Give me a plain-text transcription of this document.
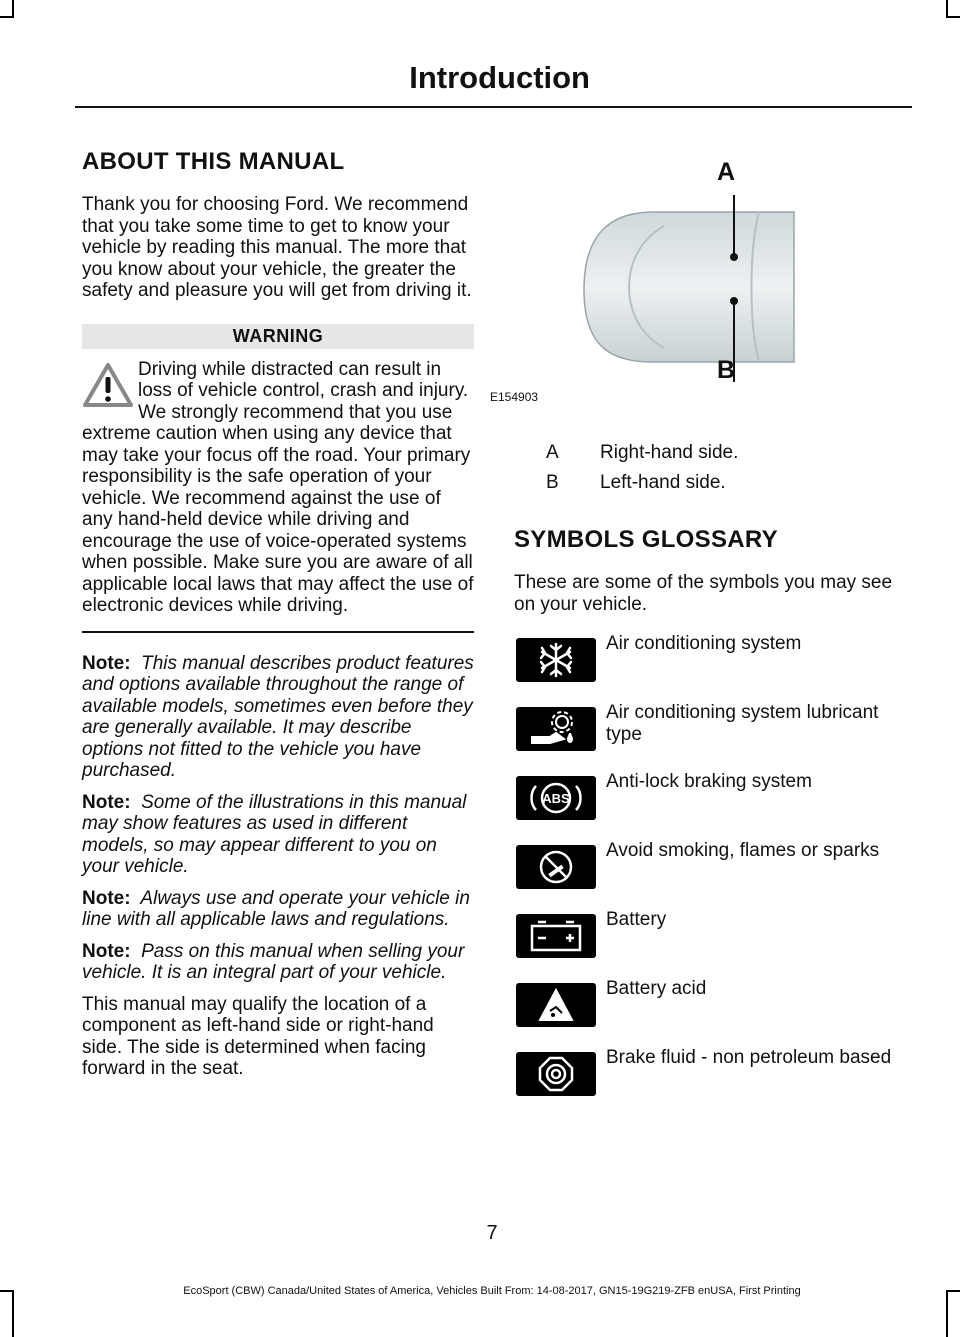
Introduction
ABOUT THIS MANUAL

Thank you for choosing Ford. We recommend that you take some time to get to know your vehicle by reading this manual. The more that you know about your vehicle, the greater the safety and pleasure you will get from driving it.

WARNING
Driving while distracted can result in loss of vehicle control, crash and injury. We strongly recommend that you use extreme caution when using any device that may take your focus off the road. Your primary responsibility is the safe operation of your vehicle. We recommend against the use of any hand-held device while driving and encourage the use of voice-operated systems when possible. Make sure you are aware of all applicable local laws that may affect the use of electronic devices while driving.

Note: This manual describes product features and options available throughout the range of available models, sometimes even before they are generally available. It may describe options not fitted to the vehicle you have purchased.

Note: Some of the illustrations in this manual may show features as used in different models, so may appear different to you on your vehicle.

Note: Always use and operate your vehicle in line with all applicable laws and regulations.

Note: Pass on this manual when selling your vehicle. It is an integral part of your vehicle.

This manual may qualify the location of a component as left-hand side or right-hand side. The side is determined when facing forward in the seat.

A
B
E154903
A	Right-hand side.
B	Left-hand side.
SYMBOLS GLOSSARY

These are some of the symbols you may see on your vehicle.

Air conditioning system
Air conditioning system lubricant type
ABS
Anti-lock braking system
Avoid smoking, flames or sparks
Battery
Battery acid
Brake fluid - non petroleum based
7
EcoSport (CBW) Canada/United States of America, Vehicles Built From: 14-08-2017, GN15-19G219-ZFB enUSA, First Printing
